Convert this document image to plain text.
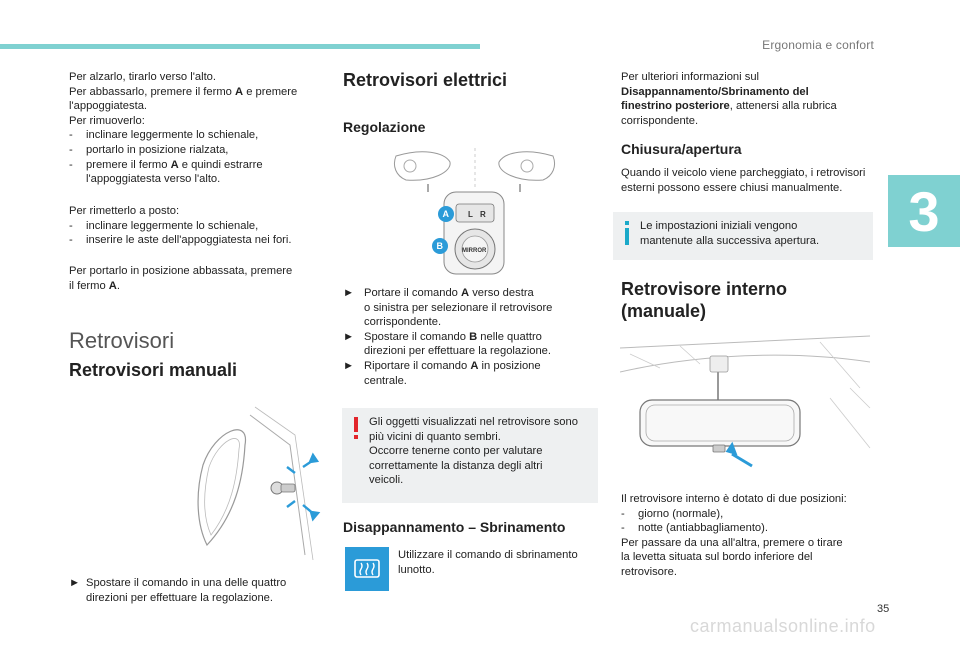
Ergonomia e confort
3
Per alzarlo, tirarlo verso l'alto.
Per abbassarlo, premere il fermo A e premere
l'appoggiatesta.
Per rimuoverlo:
- inclinare leggermente lo schienale,
- portarlo in posizione rialzata,
- premere il fermo A e quindi estrarre
l'appoggiatesta verso l'alto.
Per rimetterlo a posto:
- inclinare leggermente lo schienale,
- inserire le aste dell'appoggiatesta nei fori.
Per portarlo in posizione abbassata, premere
il fermo A.
Retrovisori
Retrovisori manuali
► Spostare il comando in una delle quattro
direzioni per effettuare la regolazione.
Retrovisori elettrici
Regolazione
L R
MIRROR
A
B
► Portare il comando A verso destra
o sinistra per selezionare il retrovisore
corrispondente.
► Spostare il comando B nelle quattro
direzioni per effettuare la regolazione.
► Riportare il comando A in posizione
centrale.
Gli oggetti visualizzati nel retrovisore sono
più vicini di quanto sembri.
Occorre tenerne conto per valutare
correttamente la distanza degli altri
veicoli.
Disappannamento – Sbrinamento
Utilizzare il comando di sbrinamento
lunotto.
Per ulteriori informazioni sul
Disappannamento/Sbrinamento del
finestrino posteriore, attenersi alla rubrica
corrispondente.
Chiusura/apertura
Quando il veicolo viene parcheggiato, i retrovisori
esterni possono essere chiusi manualmente.
Le impostazioni iniziali vengono
mantenute alla successiva apertura.
Retrovisore interno
(manuale)
Il retrovisore interno è dotato di due posizioni:
- giorno (normale),
- notte (antiabbagliamento).
Per passare da una all'altra, premere o tirare
la levetta situata sul bordo inferiore del
retrovisore.
35
carmanualsonline.info
